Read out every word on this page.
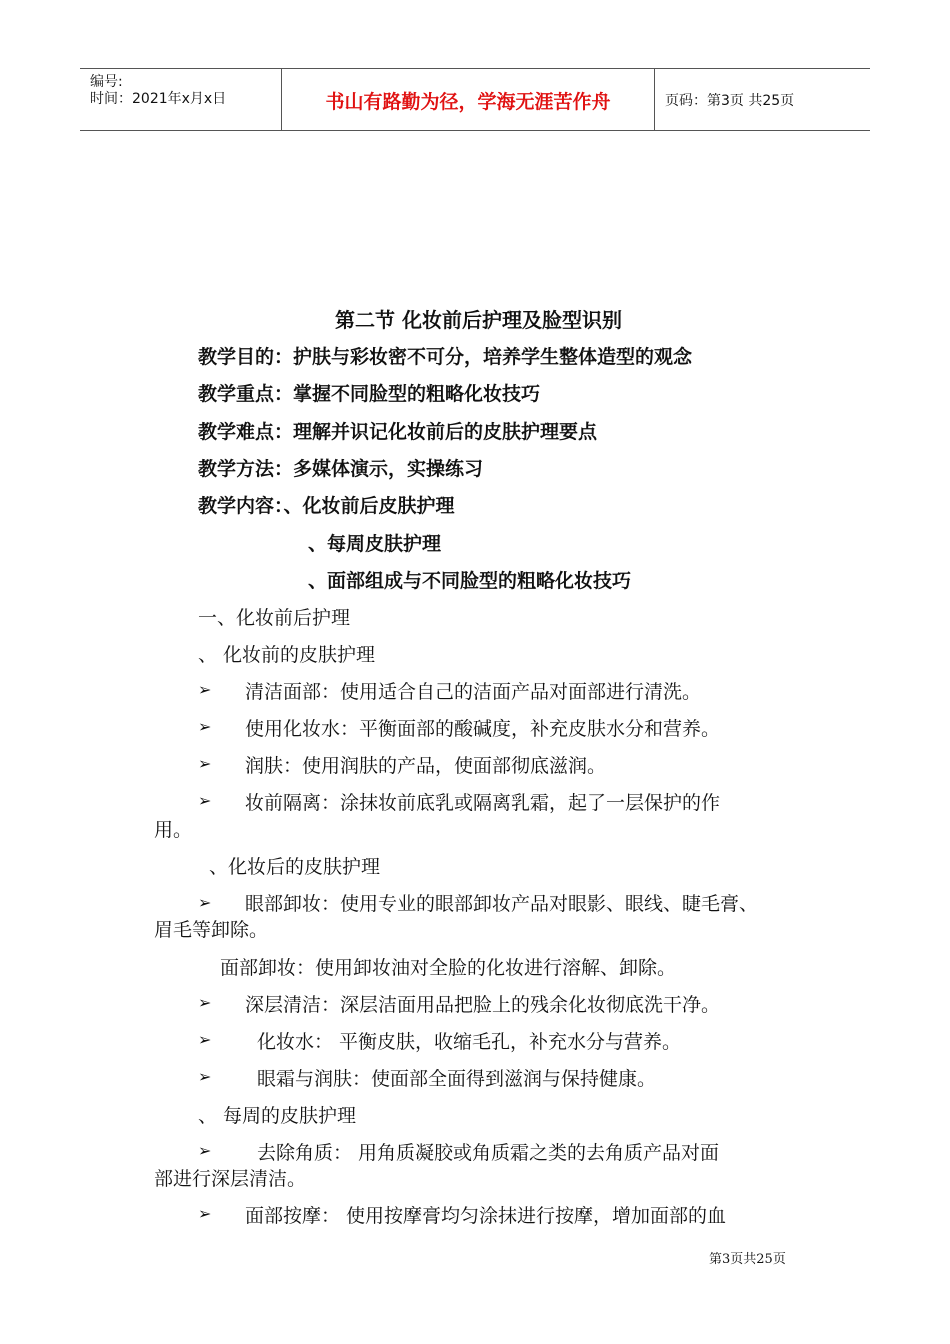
编号:
时间：2021年x月x日	书山有路勤为径，学海无涯苦作舟	页码：第3页 共25页
第二节 化妆前后护理及脸型识别
教学目的：护肤与彩妆密不可分，培养学生整体造型的观念
教学重点：掌握不同脸型的粗略化妆技巧
教学难点：理解并识记化妆前后的皮肤护理要点
教学方法：多媒体演示，实操练习
教学内容：、化妆前后皮肤护理
、每周皮肤护理
、面部组成与不同脸型的粗略化妆技巧
一、化妆前后护理
、 化妆前的皮肤护理
➢ 清洁面部：使用适合自己的洁面产品对面部进行清洗。
➢ 使用化妆水：平衡面部的酸碱度，补充皮肤水分和营养。
➢ 润肤：使用润肤的产品，使面部彻底滋润。
➢ 妆前隔离：涂抹妆前底乳或隔离乳霜，起了一层保护的作
用。
、化妆后的皮肤护理
➢ 眼部卸妆：使用专业的眼部卸妆产品对眼影、眼线、睫毛膏、
眉毛等卸除。
面部卸妆：使用卸妆油对全脸的化妆进行溶解、卸除。
➢ 深层清洁：深层洁面用品把脸上的残余化妆彻底洗干净。
➢ 化妆水： 平衡皮肤，收缩毛孔，补充水分与营养。
➢ 眼霜与润肤：使面部全面得到滋润与保持健康。
、 每周的皮肤护理
➢ 去除角质： 用角质凝胶或角质霜之类的去角质产品对面
部进行深层清洁。
➢ 面部按摩： 使用按摩膏均匀涂抹进行按摩，增加面部的血
第3页共25页
